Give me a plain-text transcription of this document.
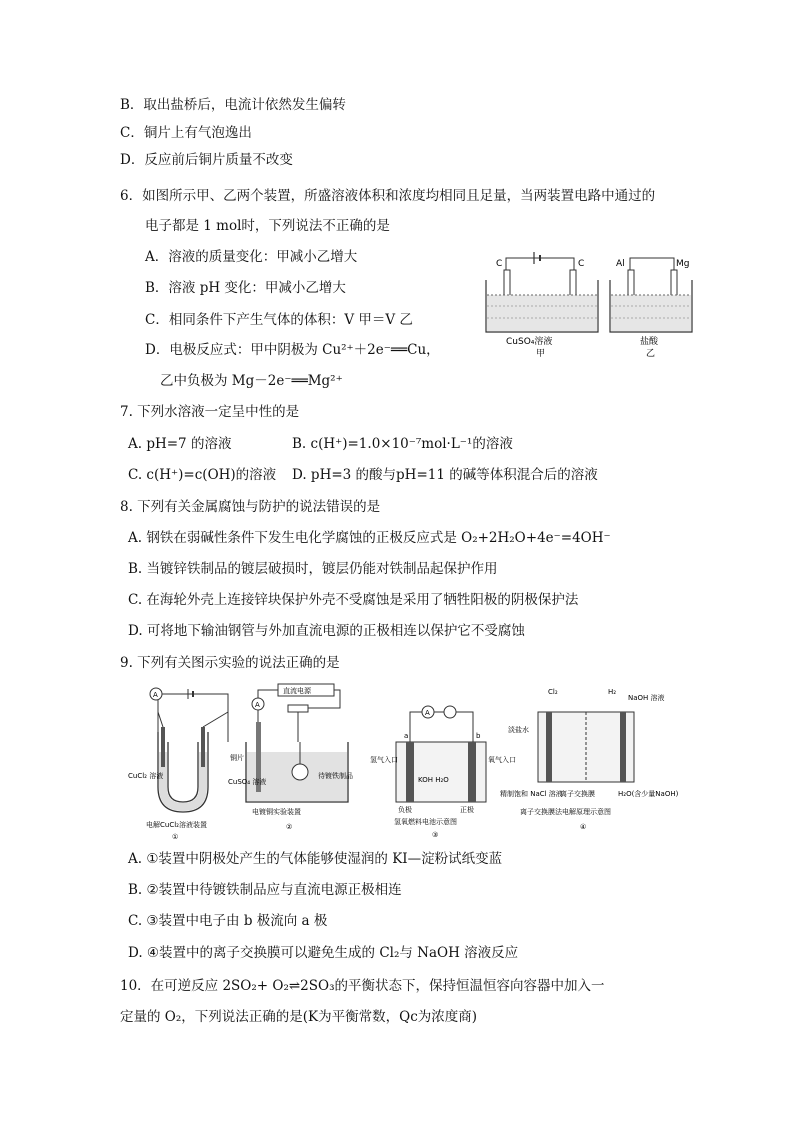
B．取出盐桥后，电流计依然发生偏转
C．铜片上有气泡逸出
D．反应前后铜片质量不改变
6．如图所示甲、乙两个装置，所盛溶液体积和浓度均相同且足量，当两装置电路中通过的
电子都是 1 mol时，下列说法不正确的是
A．溶液的质量变化：甲减小乙增大
B．溶液 pH 变化：甲减小乙增大
C．相同条件下产生气体的体积：V 甲＝V 乙
D．电极反应式：甲中阴极为 Cu²⁺＋2e⁻══Cu，
乙中负极为 Mg－2e⁻══Mg²⁺
C	C
CuSO₄溶液
甲
Al	Mg
盐酸
乙
7. 下列水溶液一定呈中性的是
A. pH=7 的溶液	B. c(H⁺)=1.0×10⁻⁷mol·L⁻¹的溶液
C. c(H⁺)=c(OH)的溶液 D. pH=3 的酸与pH=11 的碱等体积混合后的溶液
8. 下列有关金属腐蚀与防护的说法错误的是
A. 钢铁在弱碱性条件下发生电化学腐蚀的正极反应式是 O₂+2H₂O+4e⁻=4OH⁻
B. 当镀锌铁制品的镀层破损时，镀层仍能对铁制品起保护作用
C. 在海轮外壳上连接锌块保护外壳不受腐蚀是采用了牺牲阳极的阴极保护法
D. 可将地下输油钢管与外加直流电源的正极相连以保护它不受腐蚀
9. 下列有关图示实验的说法正确的是
A
CuCl₂ 溶液
电解CuCl₂溶液装置
①
直流电源
A
铜片
CuSO₄ 溶液
待镀铁制品
电镀铜实验装置
②
A
a	b
KOH H₂O
氢气入口	氧气入口
负极	正极
氢氧燃料电池示意图
③
Cl₂	H₂
NaOH 溶液
淡盐水
精制饱和 NaCl 溶液
离子交换膜	H₂O(含少量NaOH)
离子交换膜法电解原理示意图
④
A. ①装置中阴极处产生的气体能够使湿润的 KI—淀粉试纸变蓝
B. ②装置中待镀铁制品应与直流电源正极相连
C. ③装置中电子由 b 极流向 a 极
D. ④装置中的离子交换膜可以避免生成的 Cl₂与 NaOH 溶液反应
10．在可逆反应 2SO₂+ O₂⇌2SO₃的平衡状态下，保持恒温恒容向容器中加入一
定量的 O₂，下列说法正确的是(K为平衡常数，Qc为浓度商)
